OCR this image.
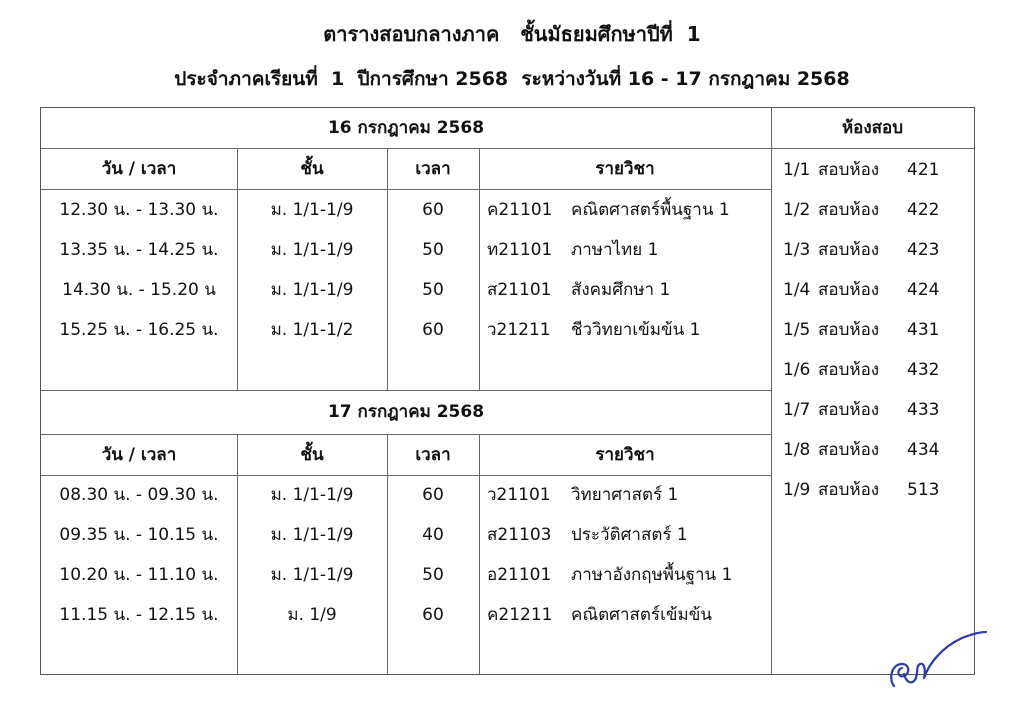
ตารางสอบกลางภาค   ชั้นมัธยมศึกษาปีที่  1
ประจำภาคเรียนที่  1  ปีการศึกษา 2568  ระหว่างวันที่ 16 - 17 กรกฎาคม 2568
16 กรกฎาคม 2568	ห้องสอบ
วัน / เวลา	ชั้น	เวลา	รายวิชา
12.30 น. - 13.30 น.	ม. 1/1-1/9	60	ค21101	คณิตศาสตร์พื้นฐาน 1
13.35 น. - 14.25 น.	ม. 1/1-1/9	50	ท21101	ภาษาไทย 1
14.30 น. - 15.20 น	ม. 1/1-1/9	50	ส21101	สังคมศึกษา 1
15.25 น. - 16.25 น.	ม. 1/1-1/2	60	ว21211	ชีววิทยาเข้มข้น 1
17 กรกฎาคม 2568
วัน / เวลา	ชั้น	เวลา	รายวิชา
08.30 น. - 09.30 น.	ม. 1/1-1/9	60	ว21101	วิทยาศาสตร์ 1
09.35 น. - 10.15 น.	ม. 1/1-1/9	40	ส21103	ประวัติศาสตร์ 1
10.20 น. - 11.10 น.	ม. 1/1-1/9	50	อ21101	ภาษาอังกฤษพื้นฐาน 1
11.15 น. - 12.15 น.	ม. 1/9	60	ค21211	คณิตศาสตร์เข้มข้น
1/1 สอบห้อง	421
1/2 สอบห้อง	422
1/3 สอบห้อง	423
1/4 สอบห้อง	424
1/5 สอบห้อง	431
1/6 สอบห้อง	432
1/7 สอบห้อง	433
1/8 สอบห้อง	434
1/9 สอบห้อง	513
